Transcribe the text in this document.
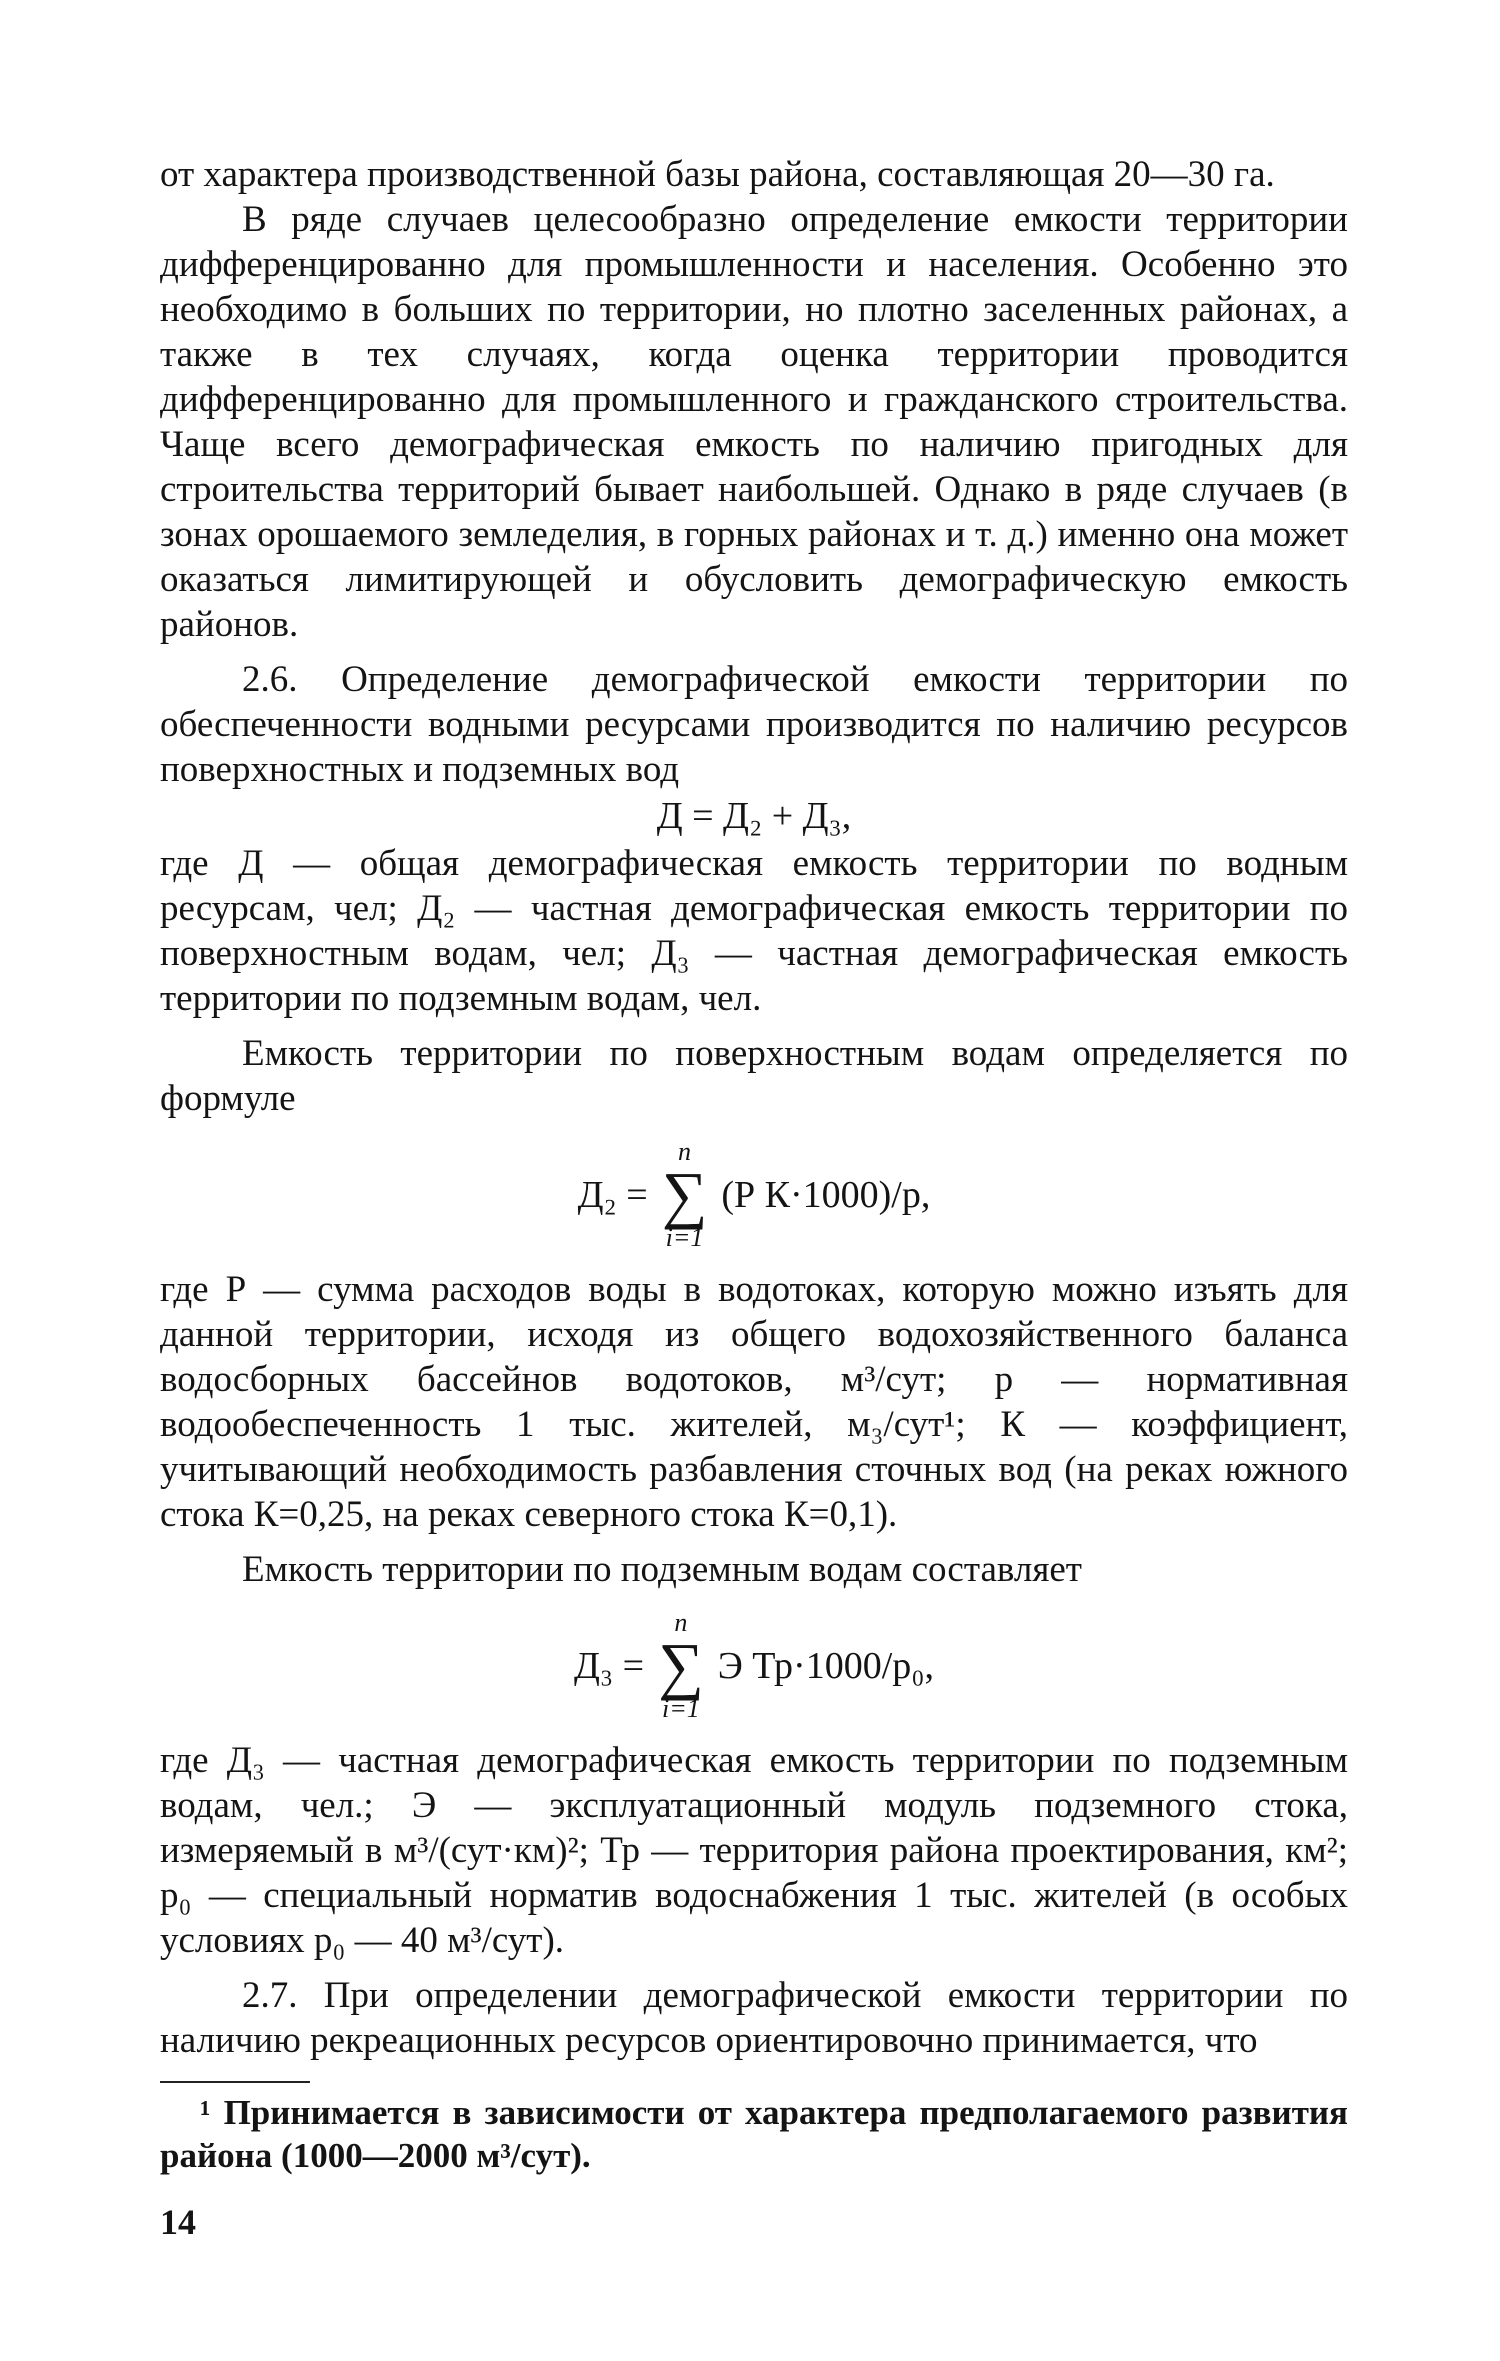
от характера производственной базы района, составляющая 20—30 га.

В ряде случаев целесообразно определение емкости территории дифференцированно для промышленности и населения. Особенно это необходимо в больших по территории, но плотно заселенных районах, а также в тех случаях, когда оценка территории проводится дифференцированно для промышленного и гражданского строительства. Чаще всего демографическая емкость по наличию пригодных для строительства территорий бывает наибольшей. Однако в ряде случаев (в зонах орошаемого земледелия, в горных районах и т. д.) именно она может оказаться лимитирующей и обусловить демографическую емкость районов.

2.6. Определение демографической емкости территории по обеспеченности водными ресурсами производится по наличию ресурсов поверхностных и подземных вод

Д = Д₂ + Д₃,

где Д — общая демографическая емкость территории по водным ресурсам, чел; Д₂ — частная демографическая емкость территории по поверхностным водам, чел; Д₃ — частная демографическая емкость территории по подземным водам, чел.

Емкость территории по поверхностным водам определяется по формуле

Д₂ =
n
∑
i=1
(Р К·1000)/р,

где Р — сумма расходов воды в водотоках, которую можно изъять для данной территории, исходя из общего водохозяйственного баланса водосборных бассейнов водотоков, м³/сут; р — нормативная водообеспеченность 1 тыс. жителей, м₃/сут¹; К — коэффициент, учитывающий необходимость разбавления сточных вод (на реках южного стока К=0,25, на реках северного стока К=0,1).

Емкость территории по подземным водам составляет

Д₃ =
n
∑
i=1
Э Тр·1000/р₀,

где Д₃ — частная демографическая емкость территории по подземным водам, чел.; Э — эксплуатационный модуль подземного стока, измеряемый в м³/(сут·км)²; Тр — территория района проектирования, км²; р₀ — специальный норматив водоснабжения 1 тыс. жителей (в особых условиях р₀ — 40 м³/сут).

2.7. При определении демографической емкости территории по наличию рекреационных ресурсов ориентировочно принимается, что

¹ Принимается в зависимости от характера предполагаемого развития района (1000—2000 м³/сут).

14
